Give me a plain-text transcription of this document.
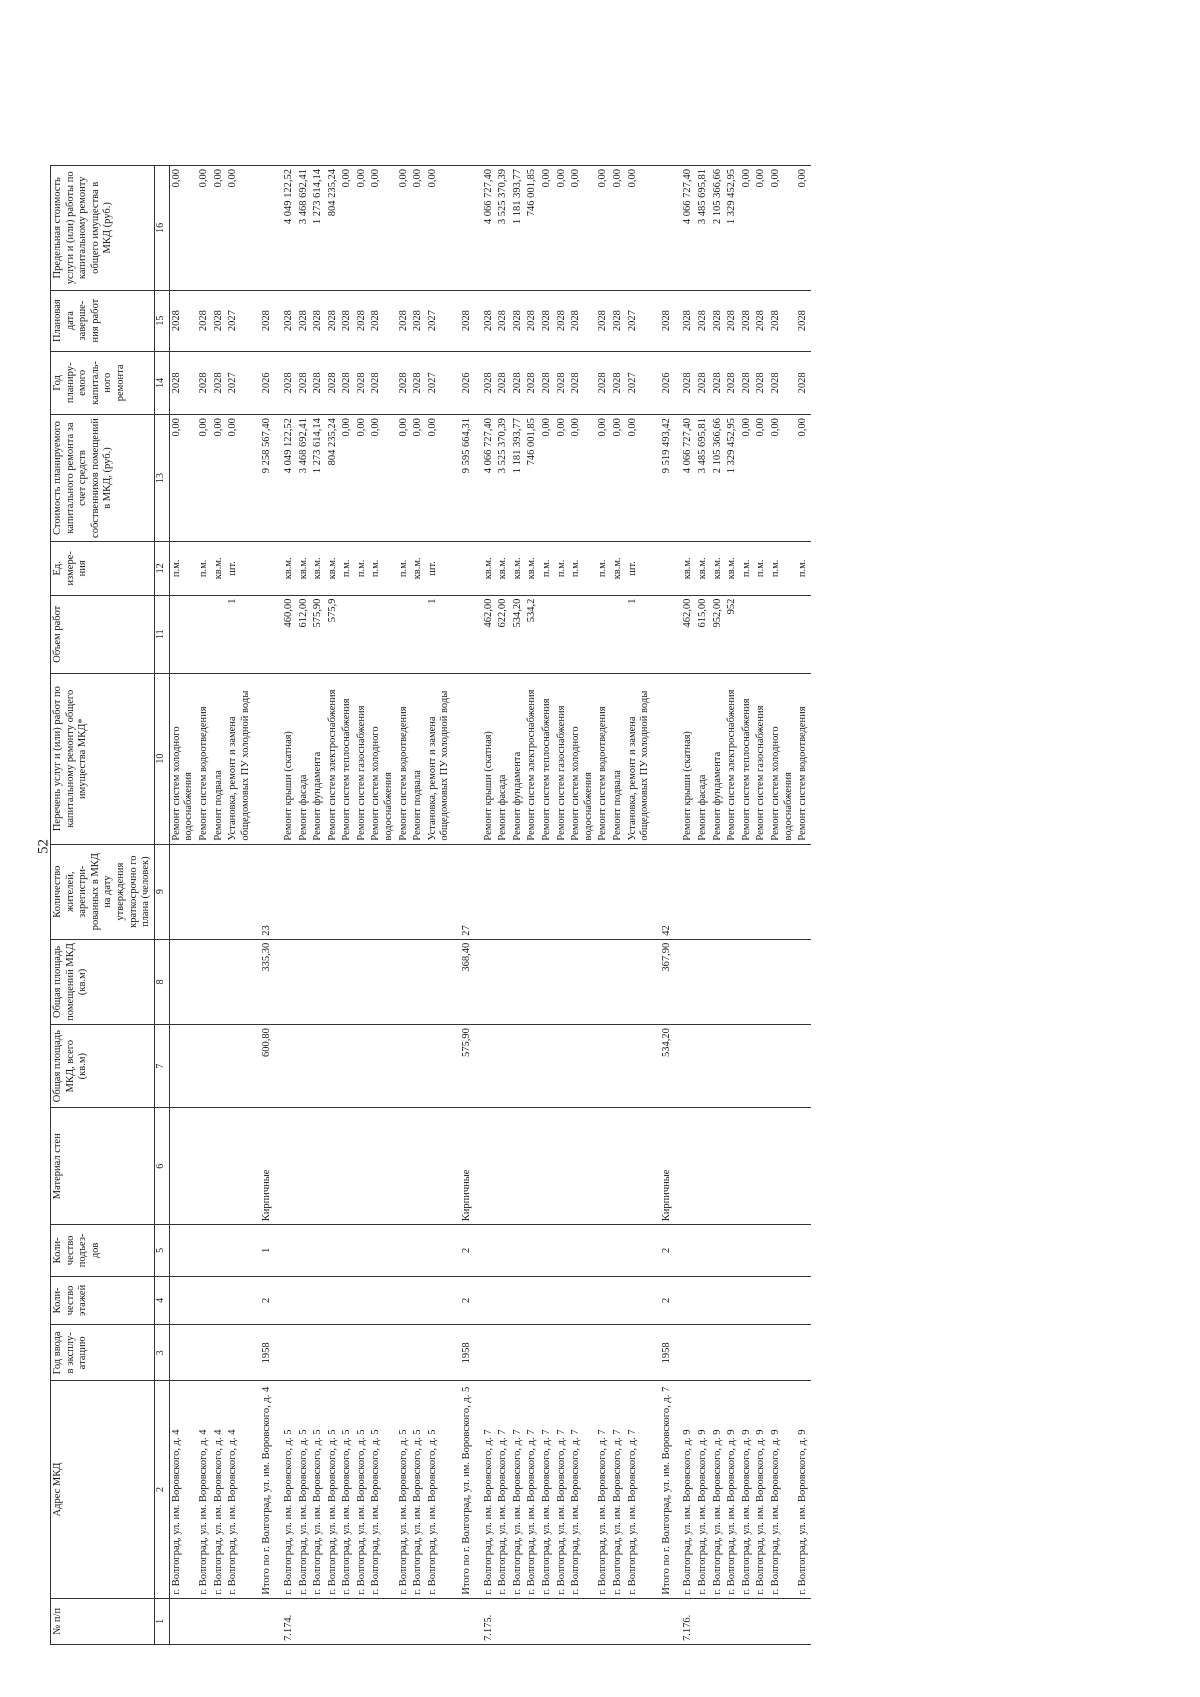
52
№ п/п	Адрес МКД	Год ввода в эксплу-атацию	Коли-чество этажей	Коли-чество подъез-дов	Материал стен	Общая площадь МКД, всего (кв.м)	Общая площадь помещений МКД (кв.м)	Количество жителей, зарегистри-рованных в МКД на дату утверждения краткосрочно го плана (человек)	Перечень услуг и (или) работ по капитальному ремонту общего имущества МКД*	Объем работ	Ед. измере-ния	Стоимость планируемого капитального ремонта за счет средств собственников помещений в МКД, (руб.)	Год планиру-емого капиталь-ного ремонта	Плановая дата заверше-ния работ	Предельная стоимость услуги и (или) работы по капитальному ремонту общего имущества в МКД (руб.)
1	2	3	4	5	6	7	8	9	10	11	12	13	14	15	16
	г. Волгоград, ул. им. Воровского, д. 4								Ремонт систем холодного водоснабжения		п.м.	0,00	2028	2028	0,00
	г. Волгоград, ул. им. Воровского, д. 4								Ремонт систем водоотведения		п.м.	0,00	2028	2028	0,00
	г. Волгоград, ул. им. Воровского, д. 4								Ремонт подвала		кв.м.	0,00	2028	2028	0,00
	г. Волгоград, ул. им. Воровского, д. 4								Установка, ремонт и замена общедомовых ПУ холодной воды	1	шт.	0,00	2027	2027	0,00
	Итого по г. Волгоград, ул. им. Воровского, д. 4	1958	2	1	Кирпичные	600,80	335,30	23				9 258 567,40	2026	2028	
7.174.	г. Волгоград, ул. им. Воровского, д. 5								Ремонт крыши (скатная)	460,00	кв.м.	4 049 122,52	2028	2028	4 049 122,52
	г. Волгоград, ул. им. Воровского, д. 5								Ремонт фасада	612,00	кв.м.	3 468 692,41	2028	2028	3 468 692,41
	г. Волгоград, ул. им. Воровского, д. 5								Ремонт фундамента	575,90	кв.м.	1 273 614,14	2028	2028	1 273 614,14
	г. Волгоград, ул. им. Воровского, д. 5								Ремонт систем электроснабжения	575,9	кв.м.	804 235,24	2028	2028	804 235,24
	г. Волгоград, ул. им. Воровского, д. 5								Ремонт систем теплоснабжения		п.м.	0,00	2028	2028	0,00
	г. Волгоград, ул. им. Воровского, д. 5								Ремонт систем газоснабжения		п.м.	0,00	2028	2028	0,00
	г. Волгоград, ул. им. Воровского, д. 5								Ремонт систем холодного водоснабжения		п.м.	0,00	2028	2028	0,00
	г. Волгоград, ул. им. Воровского, д. 5								Ремонт систем водоотведения		п.м.	0,00	2028	2028	0,00
	г. Волгоград, ул. им. Воровского, д. 5								Ремонт подвала		кв.м.	0,00	2028	2028	0,00
	г. Волгоград, ул. им. Воровского, д. 5								Установка, ремонт и замена общедомовых ПУ холодной воды	1	шт.	0,00	2027	2027	0,00
	Итого по г. Волгоград, ул. им. Воровского, д. 5	1958	2	2	Кирпичные	575,90	368,40	27				9 595 664,31	2026	2028	
7.175.	г. Волгоград, ул. им. Воровского, д. 7								Ремонт крыши (скатная)	462,00	кв.м.	4 066 727,40	2028	2028	4 066 727,40
	г. Волгоград, ул. им. Воровского, д. 7								Ремонт фасада	622,00	кв.м.	3 525 370,39	2028	2028	3 525 370,39
	г. Волгоград, ул. им. Воровского, д. 7								Ремонт фундамента	534,20	кв.м.	1 181 393,77	2028	2028	1 181 393,77
	г. Волгоград, ул. им. Воровского, д. 7								Ремонт систем электроснабжения	534,2	кв.м.	746 001,85	2028	2028	746 001,85
	г. Волгоград, ул. им. Воровского, д. 7								Ремонт систем теплоснабжения		п.м.	0,00	2028	2028	0,00
	г. Волгоград, ул. им. Воровского, д. 7								Ремонт систем газоснабжения		п.м.	0,00	2028	2028	0,00
	г. Волгоград, ул. им. Воровского, д. 7								Ремонт систем холодного водоснабжения		п.м.	0,00	2028	2028	0,00
	г. Волгоград, ул. им. Воровского, д. 7								Ремонт систем водоотведения		п.м.	0,00	2028	2028	0,00
	г. Волгоград, ул. им. Воровского, д. 7								Ремонт подвала		кв.м.	0,00	2028	2028	0,00
	г. Волгоград, ул. им. Воровского, д. 7								Установка, ремонт и замена общедомовых ПУ холодной воды	1	шт.	0,00	2027	2027	0,00
	Итого по г. Волгоград, ул. им. Воровского, д. 7	1958	2	2	Кирпичные	534,20	367,90	42				9 519 493,42	2026	2028	
7.176.	г. Волгоград, ул. им. Воровского, д. 9								Ремонт крыши (скатная)	462,00	кв.м.	4 066 727,40	2028	2028	4 066 727,40
	г. Волгоград, ул. им. Воровского, д. 9								Ремонт фасада	615,00	кв.м.	3 485 695,81	2028	2028	3 485 695,81
	г. Волгоград, ул. им. Воровского, д. 9								Ремонт фундамента	952,00	кв.м.	2 105 366,66	2028	2028	2 105 366,66
	г. Волгоград, ул. им. Воровского, д. 9								Ремонт систем электроснабжения	952	кв.м.	1 329 452,95	2028	2028	1 329 452,95
	г. Волгоград, ул. им. Воровского, д. 9								Ремонт систем теплоснабжения		п.м.	0,00	2028	2028	0,00
	г. Волгоград, ул. им. Воровского, д. 9								Ремонт систем газоснабжения		п.м.	0,00	2028	2028	0,00
	г. Волгоград, ул. им. Воровского, д. 9								Ремонт систем холодного водоснабжения		п.м.	0,00	2028	2028	0,00
	г. Волгоград, ул. им. Воровского, д. 9								Ремонт систем водоотведения		п.м.	0,00	2028	2028	0,00
